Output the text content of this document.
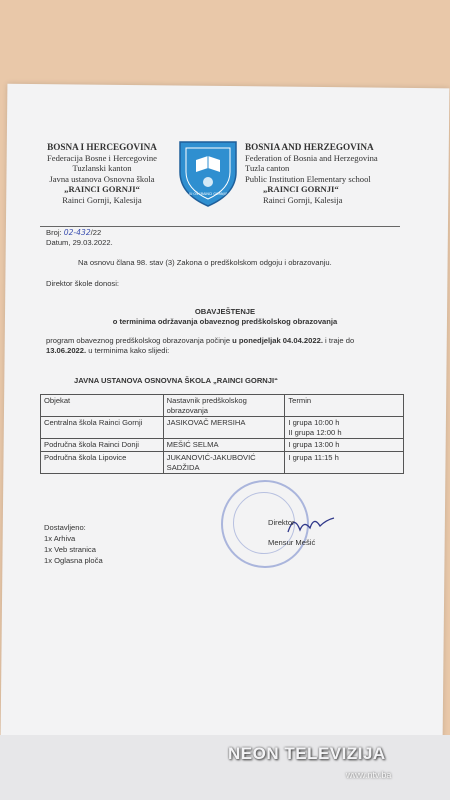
BOSNA I HERCEGOVINA
Federacija Bosne i Hercegovine
Tuzlanski kanton
Javna ustanova Osnovna škola
„RAINCI GORNJI“
Rainci Gornji, Kalesija
JU OŠ "RAINCI GORNJI"
BOSNIA AND HERZEGOVINA
Federation of Bosnia and Herzegovina
Tuzla canton
Public Institution Elementary school
„RAINCI GORNJI“
Rainci Gornji, Kalesija
Broj: 02-432/22
Datum, 29.03.2022.
Na osnovu člana 98. stav (3) Zakona o predškolskom odgoju i obrazovanju.
Direktor škole donosi:
OBAVJEŠTENJE
o terminima održavanja obaveznog predškolskog obrazovanja
program obaveznog predškolskog obrazovanja počinje u ponedjeljak 04.04.2022. i traje do
13.06.2022. u terminima kako slijedi:
JAVNA USTANOVA OSNOVNA ŠKOLA „RAINCI GORNJI“
Objekat	Nastavnik predškolskog obrazovanja	Termin
Centralna škola Rainci Gornji	JASIKOVAČ MERSIHA	I grupa 10:00 h
II grupa 12:00 h

Područna škola Rainci Donji	MEŠIĆ SELMA	I grupa 13:00 h
Područna škola Lipovice	JUKANOVIĆ-JAKUBOVIĆ SADŽIDA	I grupa 11:15 h
Direktor
Mensur Mešić
Dostavljeno:
1x Arhiva
1x Veb stranica
1x Oglasna ploča
NEON TELEVIZIJA
www.ntv.ba
